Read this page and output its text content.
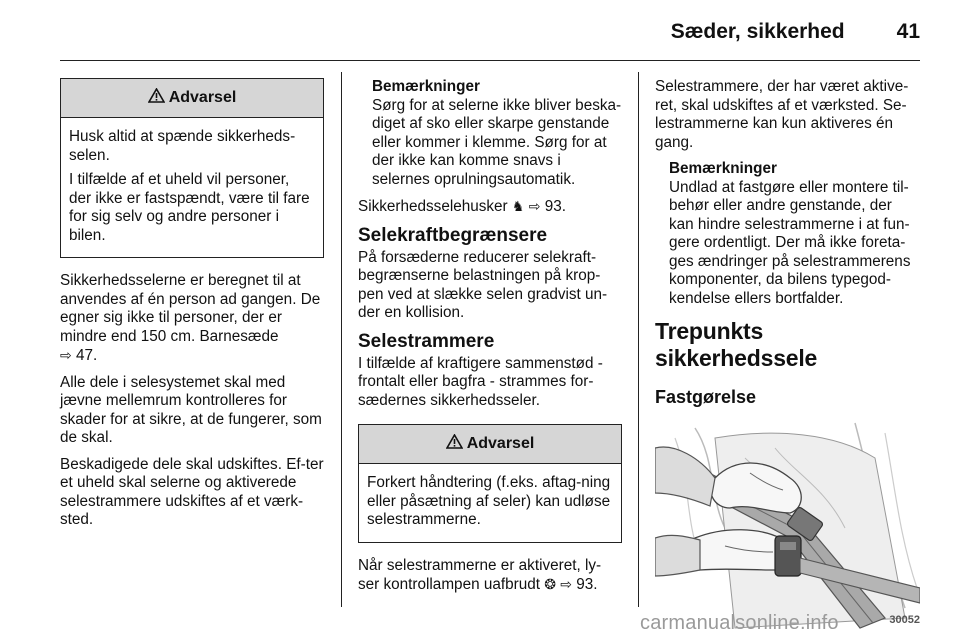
Sæder, sikkerhed 41
Advarsel

Husk altid at spænde sikkerheds-selen.

I tilfælde af et uheld vil personer, der ikke er fastspændt, være til fare for sig selv og andre personer i bilen.

Sikkerhedsselerne er beregnet til at anvendes af én person ad gangen. De egner sig ikke til personer, der er mindre end 150 cm. Barnesæde
⇨ 47.

Alle dele i selesystemet skal med jævne mellemrum kontrolleres for skader for at sikre, at de fungerer, som de skal.

Beskadigede dele skal udskiftes. Ef-ter et uheld skal selerne og aktiverede selestrammere udskiftes af et værk-sted.

Bemærkninger

Sørg for at selerne ikke bliver beska-diget af sko eller skarpe genstande eller kommer i klemme. Sørg for at der ikke kan komme snavs i selernes oprulningsautomatik.

Sikkerhedsselehusker ♞ ⇨ 93.

Selekraftbegrænsere

På forsæderne reducerer selekraft-begrænserne belastningen på krop-pen ved at slække selen gradvist un-der en kollision.

Selestrammere

I tilfælde af kraftigere sammenstød - frontalt eller bagfra - strammes for-sædernes sikkerhedsseler.

Advarsel

Forkert håndtering (f.eks. aftag-ning eller påsætning af seler) kan udløse selestrammerne.

Når selestrammerne er aktiveret, ly-ser kontrollampen uafbrudt ❂ ⇨ 93.

Selestrammere, der har været aktive-ret, skal udskiftes af et værksted. Se-lestrammerne kan kun aktiveres én gang.

Bemærkninger

Undlad at fastgøre eller montere til-behør eller andre genstande, der kan hindre selestrammerne i at fun-gere ordentligt. Der må ikke foreta-ges ændringer på selestrammerens komponenter, da bilens typegod-kendelse ellers bortfalder.

Trepunkts sikkerhedssele
Fastgørelse
30052
carmanualsonline.info
